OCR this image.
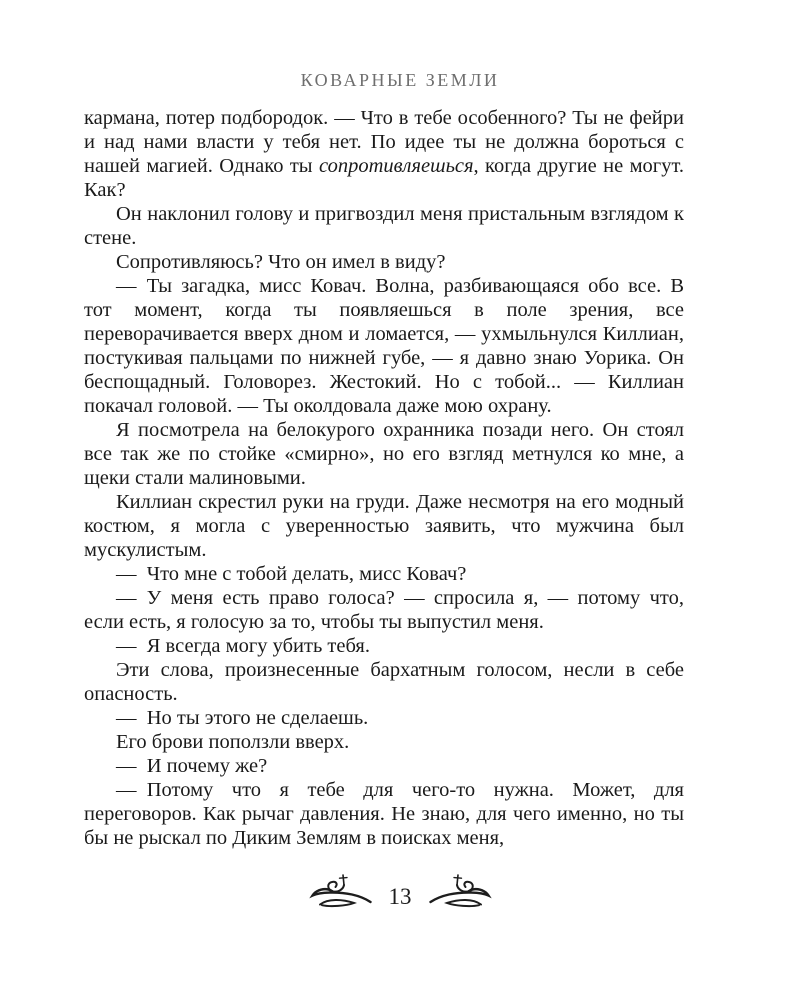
КОВАРНЫЕ ЗЕМЛИ

кармана, потер подбородок. — Что в тебе особенного? Ты не фейри и над нами власти у тебя нет. По идее ты не должна бороться с нашей магией. Однако ты сопротивляешься, когда другие не могут. Как?

Он наклонил голову и пригвоздил меня пристальным взглядом к стене.

Сопротивляюсь? Что он имел в виду?

— Ты загадка, мисс Ковач. Волна, разбивающаяся обо все. В тот момент, когда ты появляешься в поле зрения, все переворачивается вверх дном и ломается, — ухмыльнулся Киллиан, постукивая пальцами по нижней губе, — я давно знаю Уорика. Он беспощадный. Головорез. Жестокий. Но с тобой... — Киллиан покачал головой. — Ты околдовала даже мою охрану.

Я посмотрела на белокурого охранника позади него. Он стоял все так же по стойке «смирно», но его взгляд метнулся ко мне, а щеки стали малиновыми.

Киллиан скрестил руки на груди. Даже несмотря на его модный костюм, я могла с уверенностью заявить, что мужчина был мускулистым.

— Что мне с тобой делать, мисс Ковач?

— У меня есть право голоса? — спросила я, — потому что, если есть, я голосую за то, чтобы ты выпустил меня.

— Я всегда могу убить тебя.

Эти слова, произнесенные бархатным голосом, несли в себе опасность.

— Но ты этого не сделаешь.

Его брови поползли вверх.

— И почему же?

— Потому что я тебе для чего-то нужна. Может, для переговоров. Как рычаг давления. Не знаю, для чего именно, но ты бы не рыскал по Диким Землям в поисках меня,

13
